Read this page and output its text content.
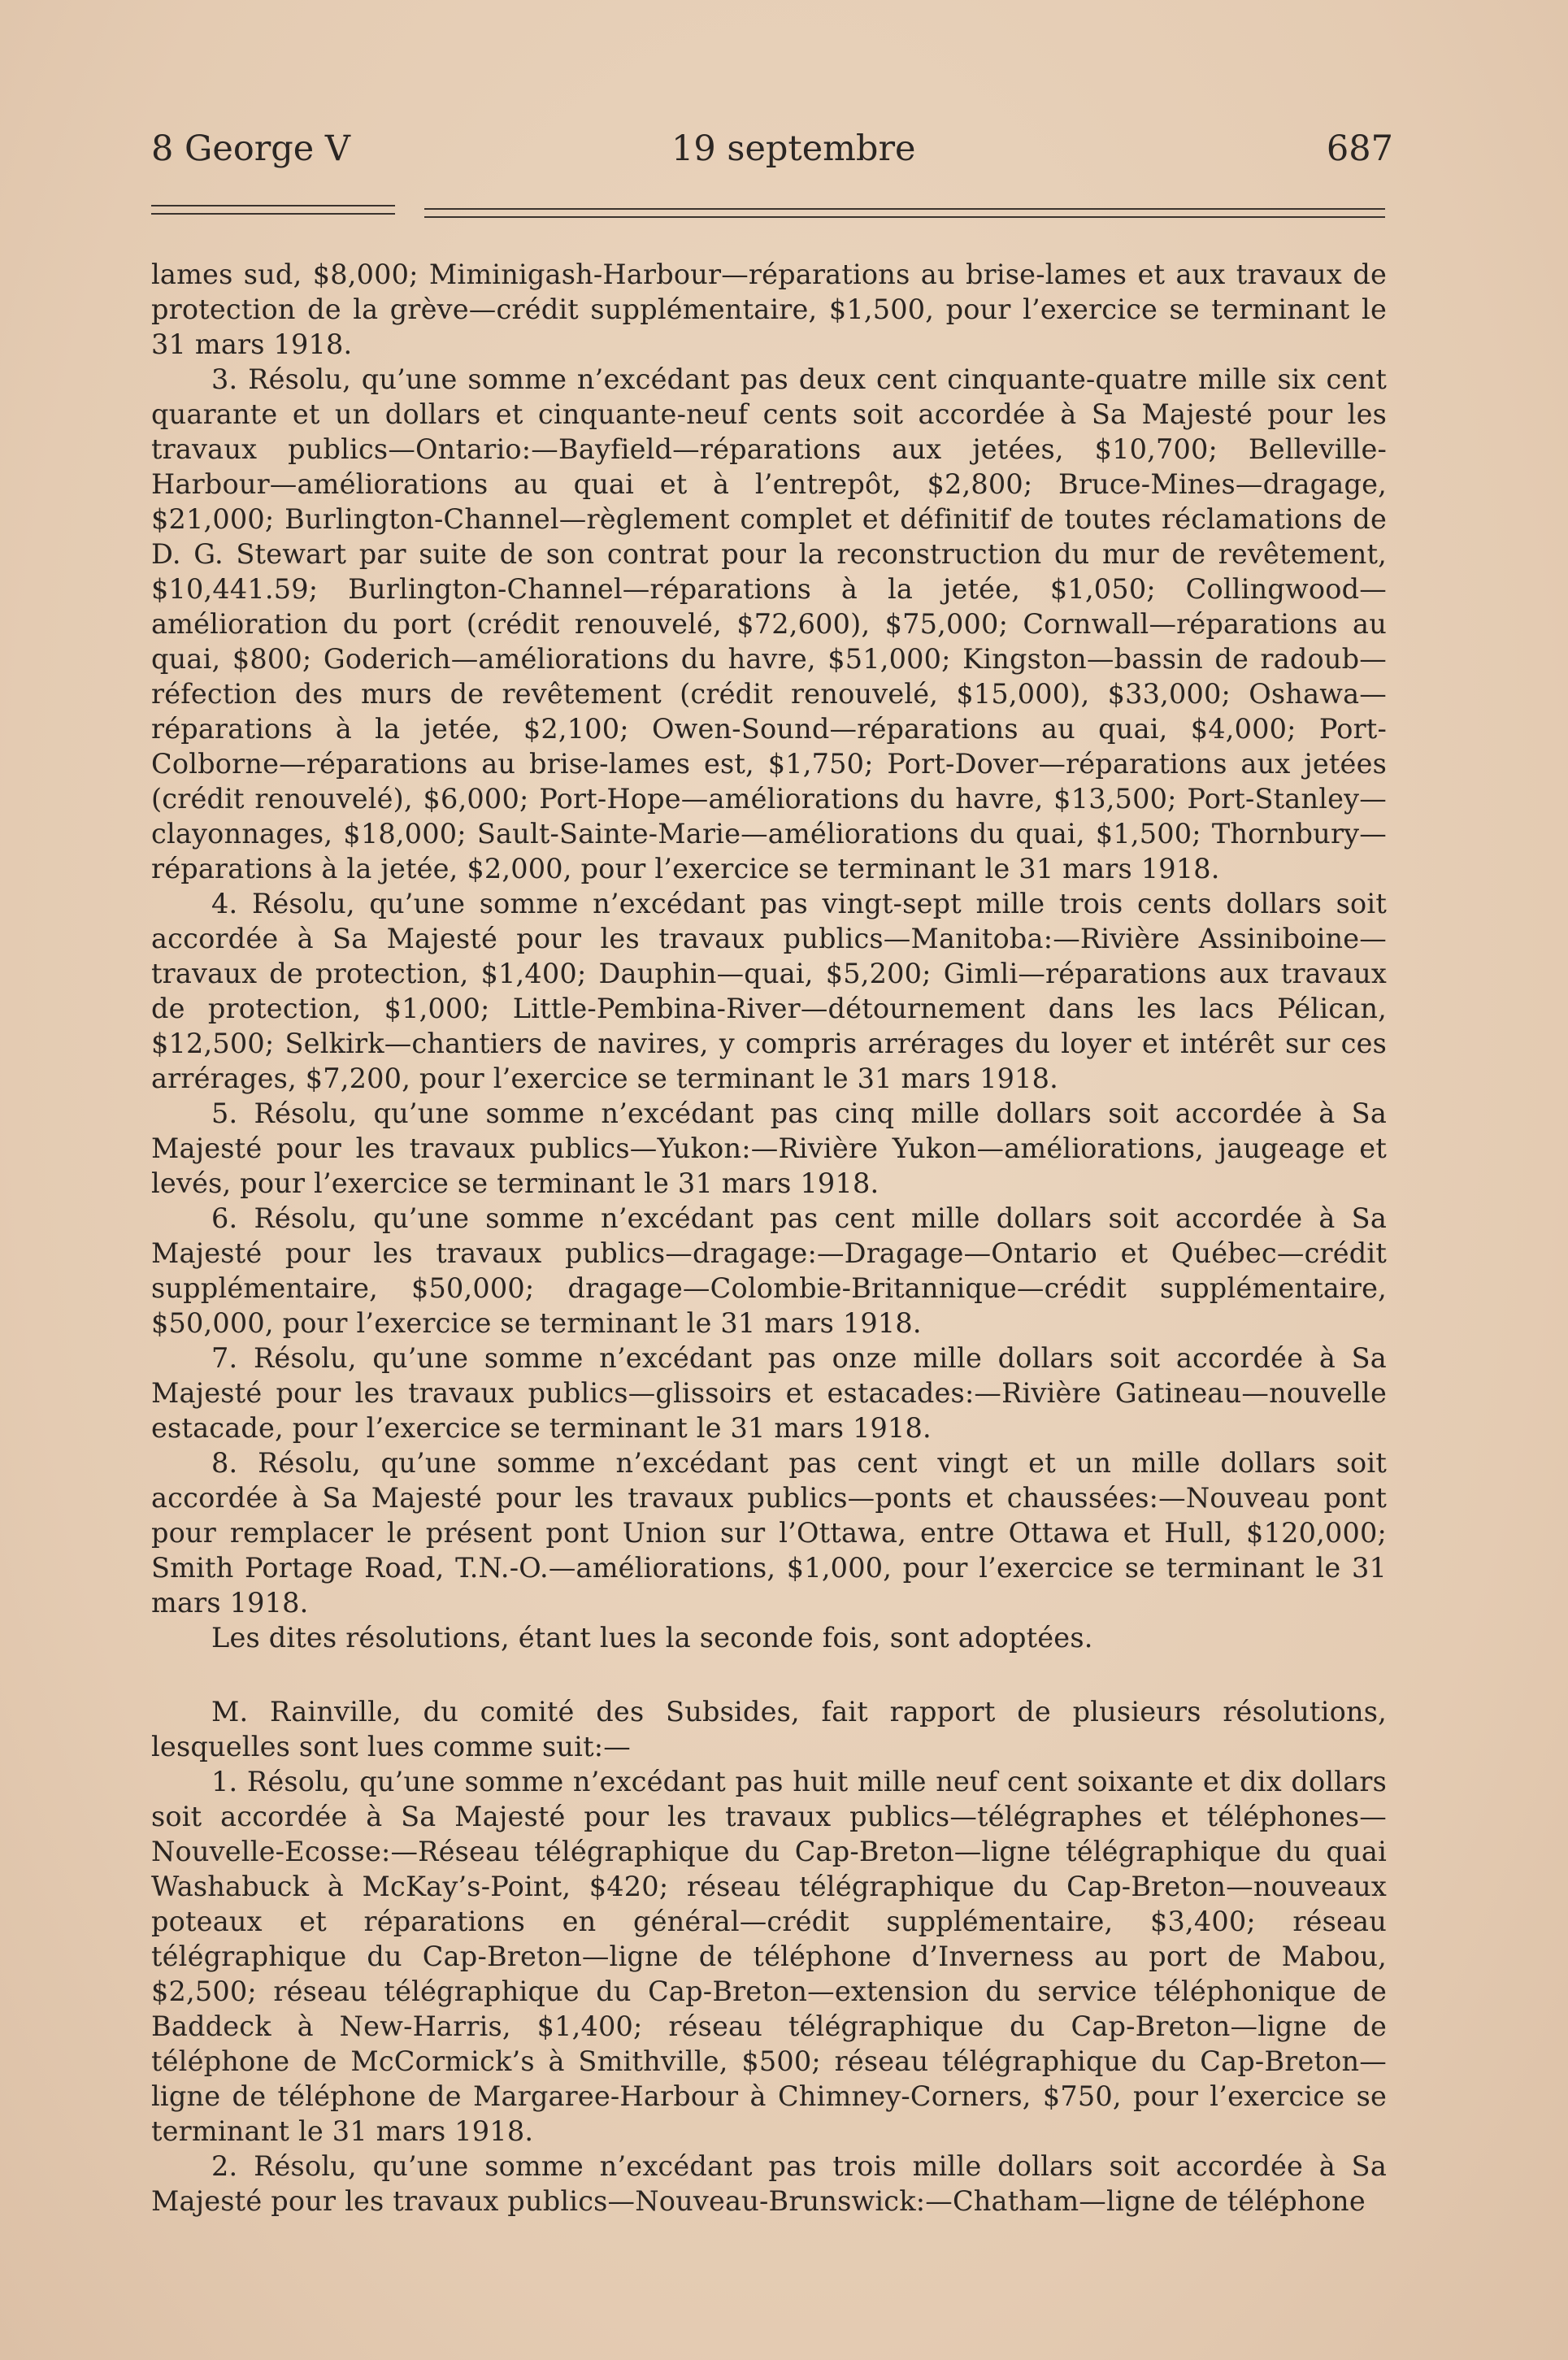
8 George V	19 septembre	687

lames sud, $8,000; Miminigash-Harbour—réparations au brise-lames et aux travaux de protection de la grève—crédit supplémentaire, $1,500, pour l’exercice se terminant le 31 mars 1918.

3. Résolu, qu’une somme n’excédant pas deux cent cinquante-quatre mille six cent quarante et un dollars et cinquante-neuf cents soit accordée à Sa Majesté pour les travaux publics—Ontario:—Bayfield—réparations aux jetées, $10,700; Belleville-Harbour—améliorations au quai et à l’entrepôt, $2,800; Bruce-Mines—dragage, $21,000; Burlington-Channel—règlement complet et définitif de toutes réclamations de D. G. Stewart par suite de son contrat pour la reconstruction du mur de revêtement, $10,441.59; Burlington-Channel—réparations à la jetée, $1,050; Collingwood—amélioration du port (crédit renouvelé, $72,600), $75,000; Cornwall—réparations au quai, $800; Goderich—améliorations du havre, $51,000; Kingston—bassin de radoub—réfection des murs de revêtement (crédit renouvelé, $15,000), $33,000; Oshawa—réparations à la jetée, $2,100; Owen-Sound—réparations au quai, $4,000; Port-Colborne—réparations au brise-lames est, $1,750; Port-Dover—réparations aux jetées (crédit renouvelé), $6,000; Port-Hope—améliorations du havre, $13,500; Port-Stanley—clayonnages, $18,000; Sault-Sainte-Marie—améliorations du quai, $1,500; Thornbury—réparations à la jetée, $2,000, pour l’exercice se terminant le 31 mars 1918.

4. Résolu, qu’une somme n’excédant pas vingt-sept mille trois cents dollars soit accordée à Sa Majesté pour les travaux publics—Manitoba:—Rivière Assiniboine—travaux de protection, $1,400; Dauphin—quai, $5,200; Gimli—réparations aux travaux de protection, $1,000; Little-Pembina-River—détournement dans les lacs Pélican, $12,500; Selkirk—chantiers de navires, y compris arrérages du loyer et intérêt sur ces arrérages, $7,200, pour l’exercice se terminant le 31 mars 1918.

5. Résolu, qu’une somme n’excédant pas cinq mille dollars soit accordée à Sa Majesté pour les travaux publics—Yukon:—Rivière Yukon—améliorations, jaugeage et levés, pour l’exercice se terminant le 31 mars 1918.

6. Résolu, qu’une somme n’excédant pas cent mille dollars soit accordée à Sa Majesté pour les travaux publics—dragage:—Dragage—Ontario et Québec—crédit supplémentaire, $50,000; dragage—Colombie-Britannique—crédit supplémentaire, $50,000, pour l’exercice se terminant le 31 mars 1918.

7. Résolu, qu’une somme n’excédant pas onze mille dollars soit accordée à Sa Majesté pour les travaux publics—glissoirs et estacades:—Rivière Gatineau—nouvelle estacade, pour l’exercice se terminant le 31 mars 1918.

8. Résolu, qu’une somme n’excédant pas cent vingt et un mille dollars soit accordée à Sa Majesté pour les travaux publics—ponts et chaussées:—Nouveau pont pour remplacer le présent pont Union sur l’Ottawa, entre Ottawa et Hull, $120,000; Smith Portage Road, T.N.-O.—améliorations, $1,000, pour l’exercice se terminant le 31 mars 1918.

Les dites résolutions, étant lues la seconde fois, sont adoptées.

M. Rainville, du comité des Subsides, fait rapport de plusieurs résolutions, lesquelles sont lues comme suit:—

1. Résolu, qu’une somme n’excédant pas huit mille neuf cent soixante et dix dollars soit accordée à Sa Majesté pour les travaux publics—télégraphes et téléphones—Nouvelle-Ecosse:—Réseau télégraphique du Cap-Breton—ligne télégraphique du quai Washabuck à McKay’s-Point, $420; réseau télégraphique du Cap-Breton—nouveaux poteaux et réparations en général—crédit supplémentaire, $3,400; réseau télégraphique du Cap-Breton—ligne de téléphone d’Inverness au port de Mabou, $2,500; réseau télégraphique du Cap-Breton—extension du service téléphonique de Baddeck à New-Harris, $1,400; réseau télégraphique du Cap-Breton—ligne de téléphone de McCormick’s à Smithville, $500; réseau télégraphique du Cap-Breton—ligne de téléphone de Margaree-Harbour à Chimney-Corners, $750, pour l’exercice se terminant le 31 mars 1918.

2. Résolu, qu’une somme n’excédant pas trois mille dollars soit accordée à Sa Majesté pour les travaux publics—Nouveau-Brunswick:—Chatham—ligne de téléphone
